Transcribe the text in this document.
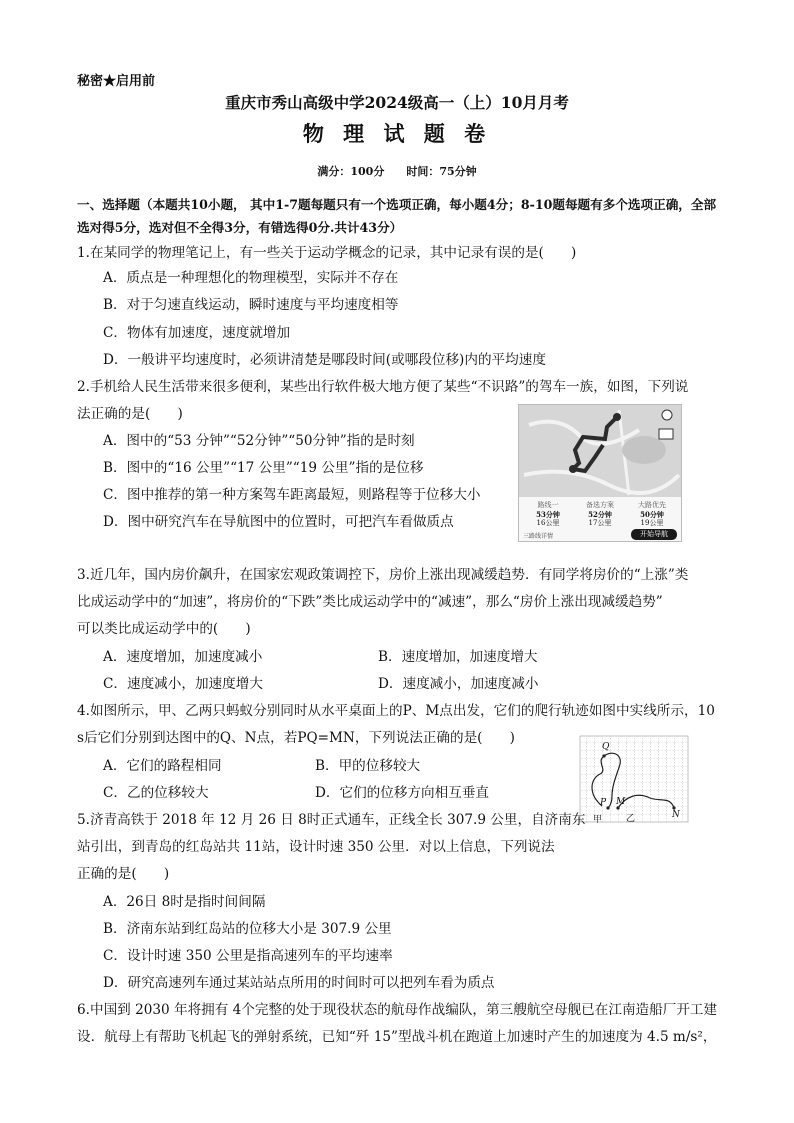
秘密★启用前
重庆市秀山高级中学2024级高一（上）10月月考
物 理 试 题 卷
满分：100分　　时间：75分钟
一、选择题（本题共10小题， 其中1-7题每题只有一个选项正确，每小题4分；8-10题每题有多个选项正确，全部选对得5分，选对但不全得3分，有错选得0分.共计43分）
1.在某同学的物理笔记上，有一些关于运动学概念的记录，其中记录有误的是(　　)
A．质点是一种理想化的物理模型，实际并不存在
B．对于匀速直线运动，瞬时速度与平均速度相等
C．物体有加速度，速度就增加
D．一般讲平均速度时，必须讲清楚是哪段时间(或哪段位移)内的平均速度
2.手机给人民生活带来很多便利，某些出行软件极大地方便了某些“不识路”的驾车一族，如图，下列说
法正确的是(　　)
A．图中的“53 分钟”“52分钟”“50分钟”指的是时刻
B．图中的“16 公里”“17 公里”“19 公里”指的是位移
C．图中推荐的第一种方案驾车距离最短，则路程等于位移大小
D．图中研究汽车在导航图中的位置时，可把汽车看做质点
路线一
53分钟
16公里
备选方案
52分钟
17公里
大路优先
50分钟
19公里
三路线详情	开始导航
3.近几年，国内房价飙升，在国家宏观政策调控下，房价上涨出现减缓趋势．有同学将房价的“上涨”类
比成运动学中的“加速”，将房价的“下跌”类比成运动学中的“减速”，那么“房价上涨出现减缓趋势”
可以类比成运动学中的(　　)
A．速度增加，加速度减小	B．速度增加，加速度增大
C．速度减小，加速度增大	D．速度减小，加速度减小
4.如图所示，甲、乙两只蚂蚁分别同时从水平桌面上的P、M点出发，它们的爬行轨迹如图中实线所示，10
s后它们分别到达图中的Q、N点，若PQ=MN，下列说法正确的是(　　)
A．它们的路程相同	B．甲的位移较大
C．乙的位移较大	D．它们的位移方向相互垂直
Q
P M
甲	乙	N
5.济青高铁于 2018 年 12 月 26 日 8时正式通车，正线全长 307.9 公里，自济南东
站引出，到青岛的红岛站共 11站，设计时速 350 公里．对以上信息，下列说法
正确的是(　　)
A．26日 8时是指时间间隔
B．济南东站到红岛站的位移大小是 307.9 公里
C．设计时速 350 公里是指高速列车的平均速率
D．研究高速列车通过某站站点所用的时间时可以把列车看为质点
6.中国到 2030 年将拥有 4个完整的处于现役状态的航母作战编队，第三艘航空母舰已在江南造船厂开工建
设．航母上有帮助飞机起飞的弹射系统，已知“歼 15”型战斗机在跑道上加速时产生的加速度为 4.5 m/s²，
